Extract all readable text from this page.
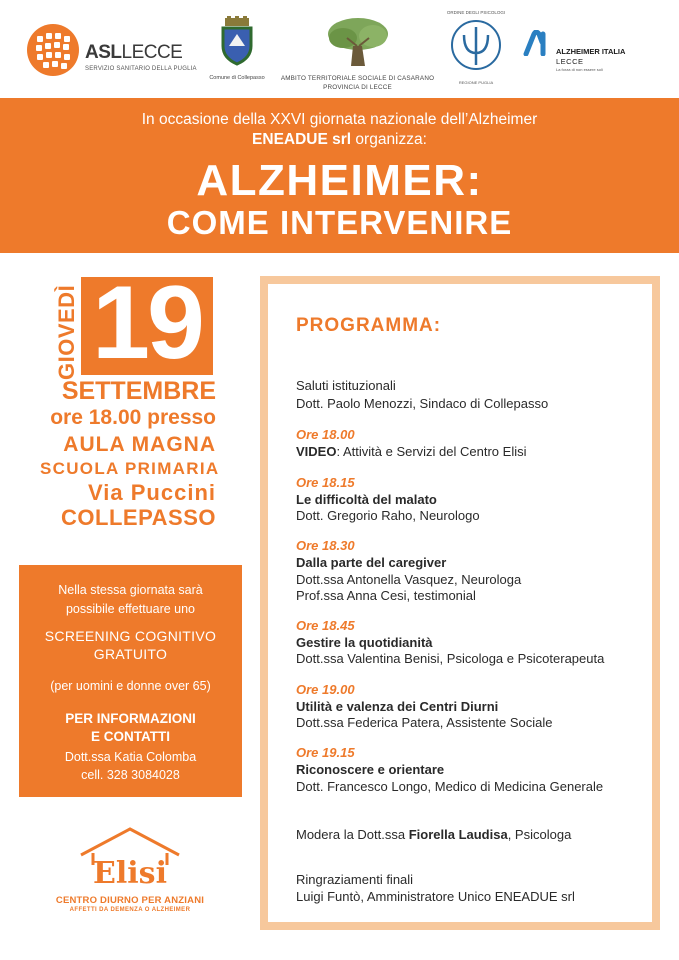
ASLLECCE
SERVIZIO SANITARIO DELLA PUGLIA
Comune di Collepasso	AMBITO TERRITORIALE SOCIALE DI CASARANO
PROVINCIA DI LECCE
ORDINE DEGLI PSICOLOGI
REGIONE PUGLIA
ALZHEIMER ITALIA
LECCE
La forza di non essere soli
In occasione della XXVI giornata nazionale dell’Alzheimer
ENEADUE srl organizza:
ALZHEIMER:
COME INTERVENIRE
GIOVEDÌ 19
SETTEMBRE
ore 18.00 presso
AULA MAGNA
SCUOLA PRIMARIA
Via Puccini
COLLEPASSO

Nella stessa giornata sarà

possibile effettuare uno

SCREENING COGNITIVO

GRATUITO

(per uomini e donne over 65)

PER INFORMAZIONI

E CONTATTI

Dott.ssa Katia Colomba

cell. 328 3084028

Elisi
CENTRO DIURNO PER ANZIANI
AFFETTI DA DEMENZA O ALZHEIMER
PROGRAMMA:
Saluti istituzionali
Dott. Paolo Menozzi, Sindaco di Collepasso
Ore 18.00
VIDEO: Attività e Servizi del Centro Elisi
Ore 18.15
Le difficoltà del malato
Dott. Gregorio Raho, Neurologo
Ore 18.30
Dalla parte del caregiver
Dott.ssa Antonella Vasquez, Neurologa
Prof.ssa Anna Cesi, testimonial
Ore 18.45
Gestire la quotidianità
Dott.ssa Valentina Benisi, Psicologa e Psicoterapeuta
Ore 19.00
Utilità e valenza dei Centri Diurni
Dott.ssa Federica Patera, Assistente Sociale
Ore 19.15
Riconoscere e orientare
Dott. Francesco Longo, Medico di Medicina Generale
Modera la Dott.ssa Fiorella Laudisa, Psicologa
Ringraziamenti finali
Luigi Funtò, Amministratore Unico ENEADUE srl
